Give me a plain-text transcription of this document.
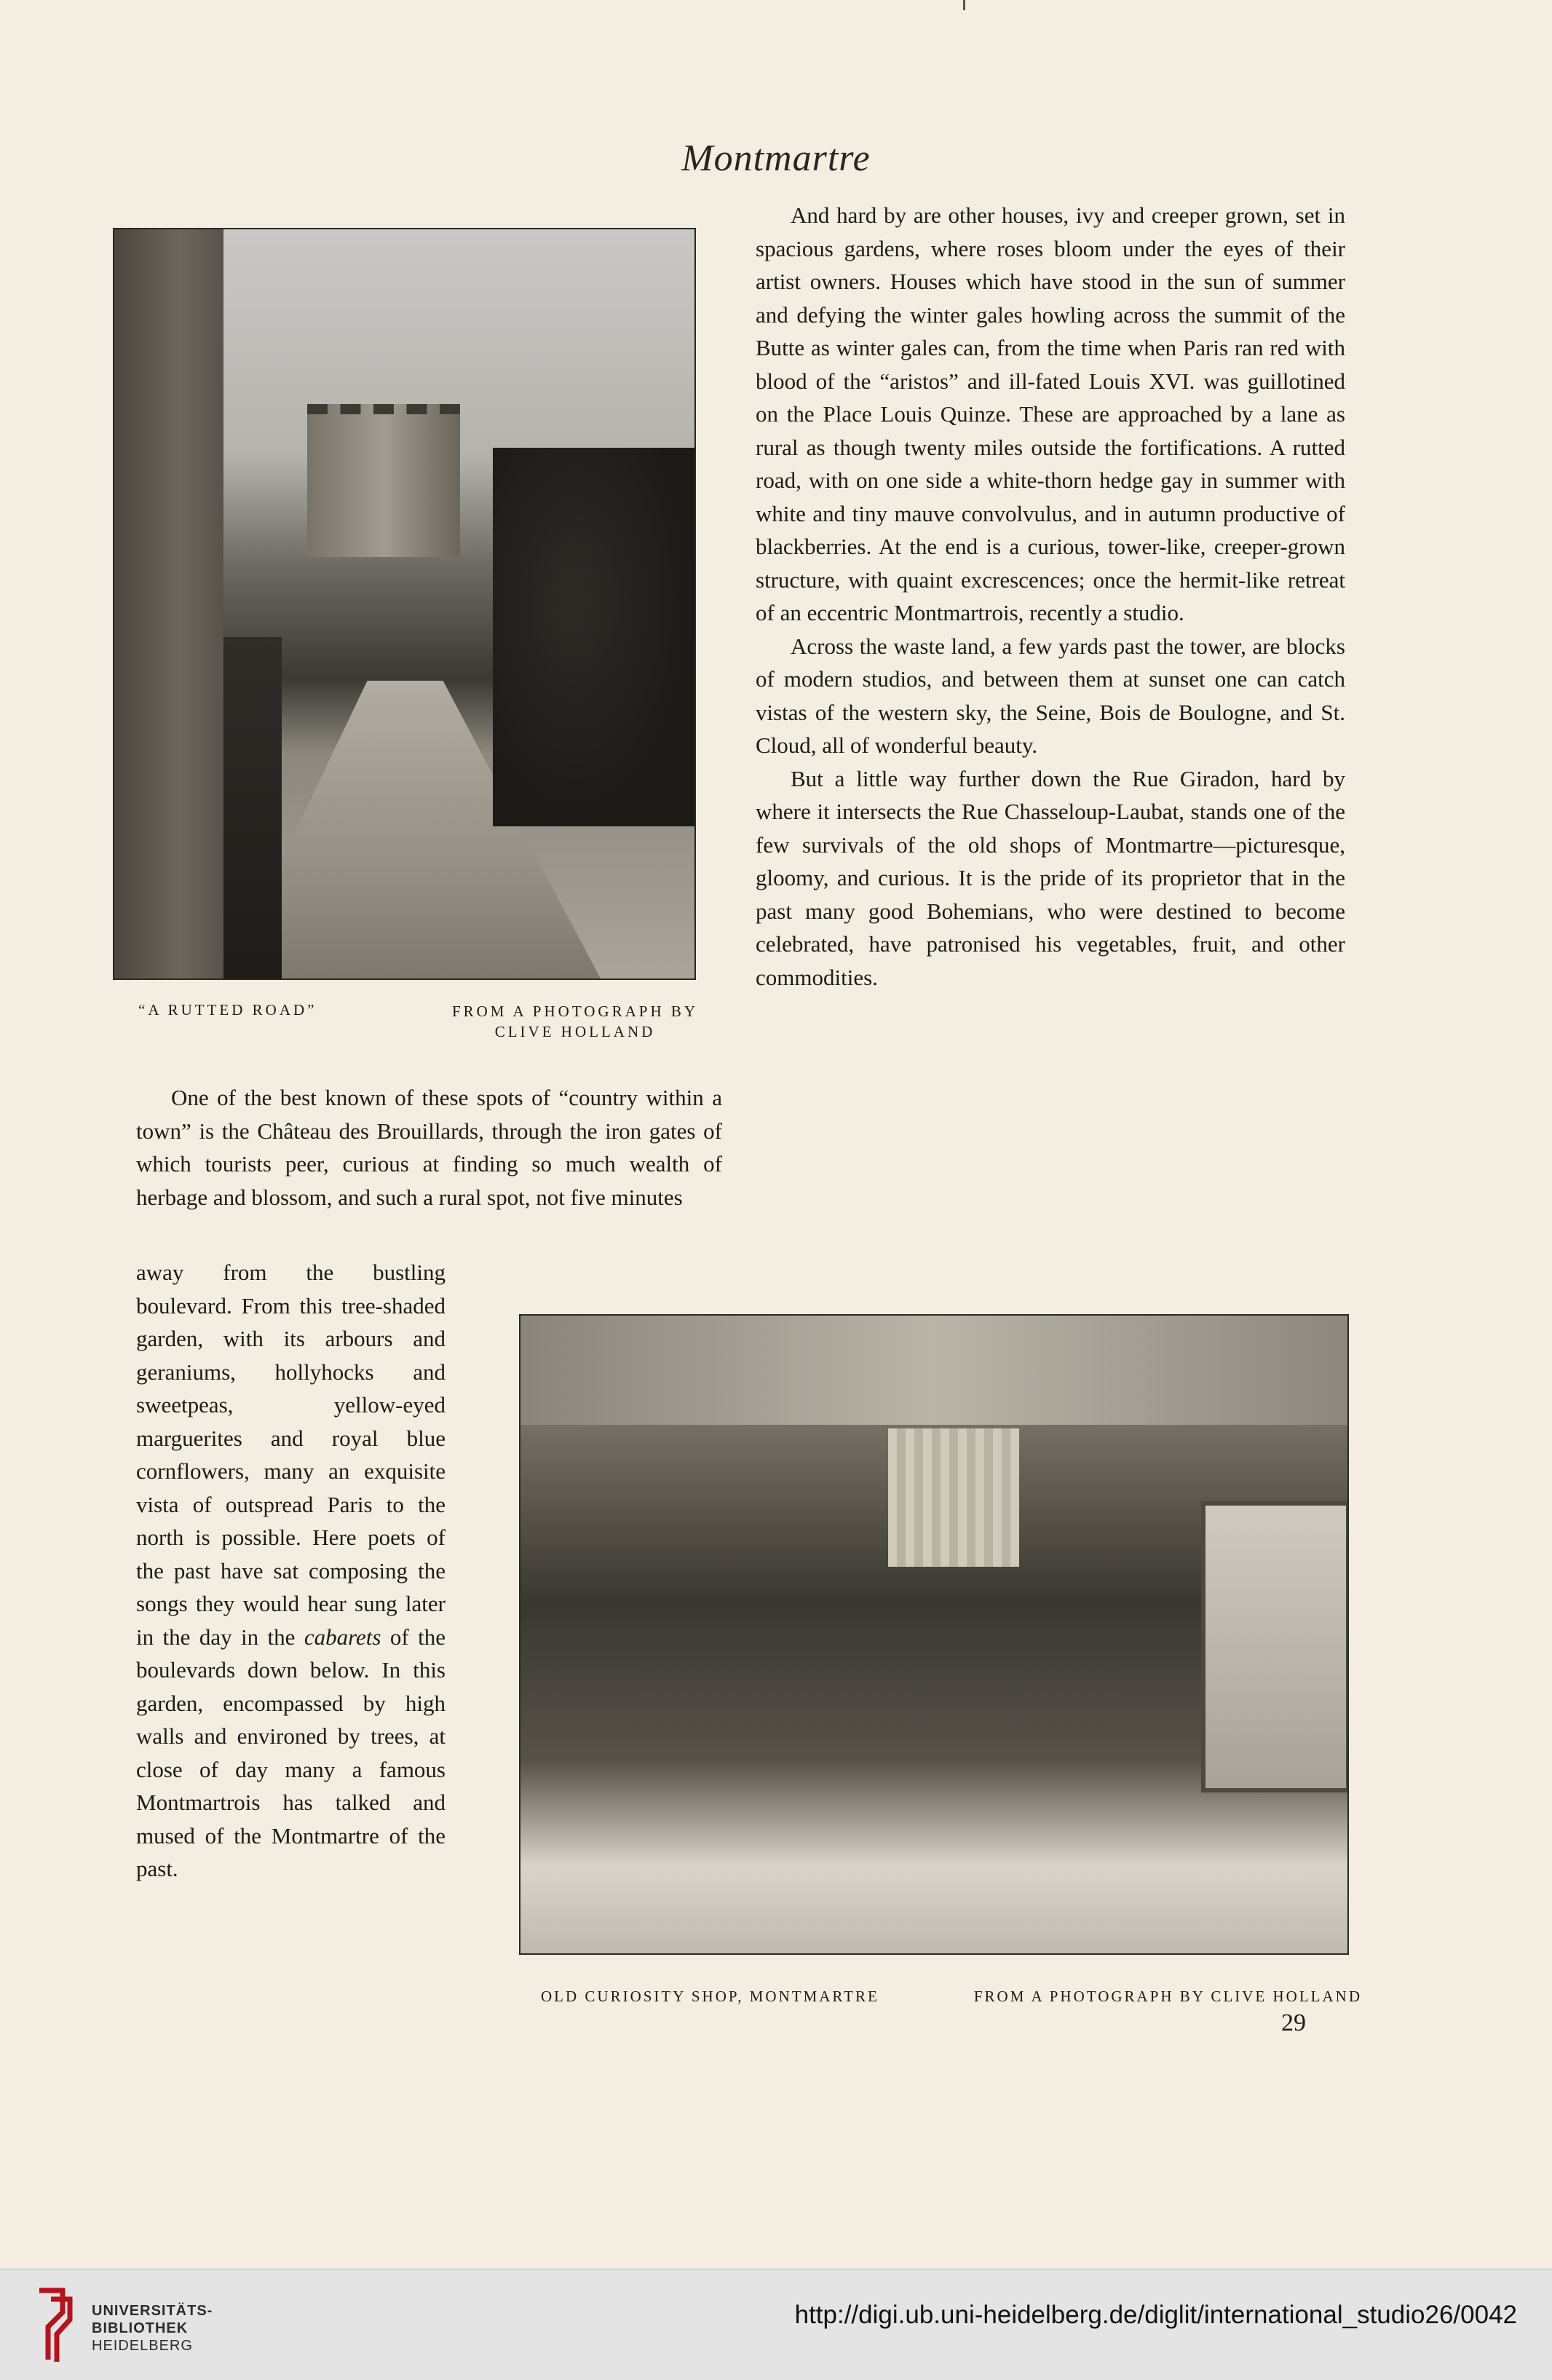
Montmartre
“A RUTTED ROAD”	FROM A PHOTOGRAPH BY CLIVE HOLLAND

And hard by are other houses, ivy and creeper grown, set in spacious gardens, where roses bloom under the eyes of their artist owners. Houses which have stood in the sun of summer and defying the winter gales howling across the summit of the Butte as winter gales can, from the time when Paris ran red with blood of the “aristos” and ill-fated Louis XVI. was guillotined on the Place Louis Quinze. These are approached by a lane as rural as though twenty miles outside the fortifications. A rutted road, with on one side a white-thorn hedge gay in summer with white and tiny mauve convolvulus, and in autumn productive of blackberries. At the end is a curious, tower-like, creeper-grown structure, with quaint excrescences; once the hermit-like retreat of an eccentric Montmartrois, recently a studio.

Across the waste land, a few yards past the tower, are blocks of modern studios, and between them at sunset one can catch vistas of the western sky, the Seine, Bois de Boulogne, and St. Cloud, all of wonderful beauty.

But a little way further down the Rue Giradon, hard by where it intersects the Rue Chasseloup-Laubat, stands one of the few survivals of the old shops of Montmartre—picturesque, gloomy, and curious. It is the pride of its proprietor that in the past many good Bohemians, who were destined to become celebrated, have patronised his vegetables, fruit, and other commodities.

One of the best known of these spots of “country within a town” is the Château des Brouillards, through the iron gates of which tourists peer, curious at finding so much wealth of herbage and blossom, and such a rural spot, not five minutes
away from the bustling boulevard. From this tree-shaded garden, with its arbours and geraniums, hollyhocks and sweetpeas, yellow-eyed marguerites and royal blue cornflowers, many an exquisite vista of outspread Paris to the north is possible. Here poets of the past have sat composing the songs they would hear sung later in the day in the cabarets of the boulevards down below. In this garden, encompassed by high walls and environed by trees, at close of day many a famous Montmartrois has talked and mused of the Montmartre of the past.
OLD CURIOSITY SHOP, MONTMARTRE	FROM A PHOTOGRAPH BY CLIVE HOLLAND
29
UNIVERSITÄTS-
BIBLIOTHEK
HEIDELBERG
http://digi.ub.uni-heidelberg.de/diglit/international_studio26/0042
